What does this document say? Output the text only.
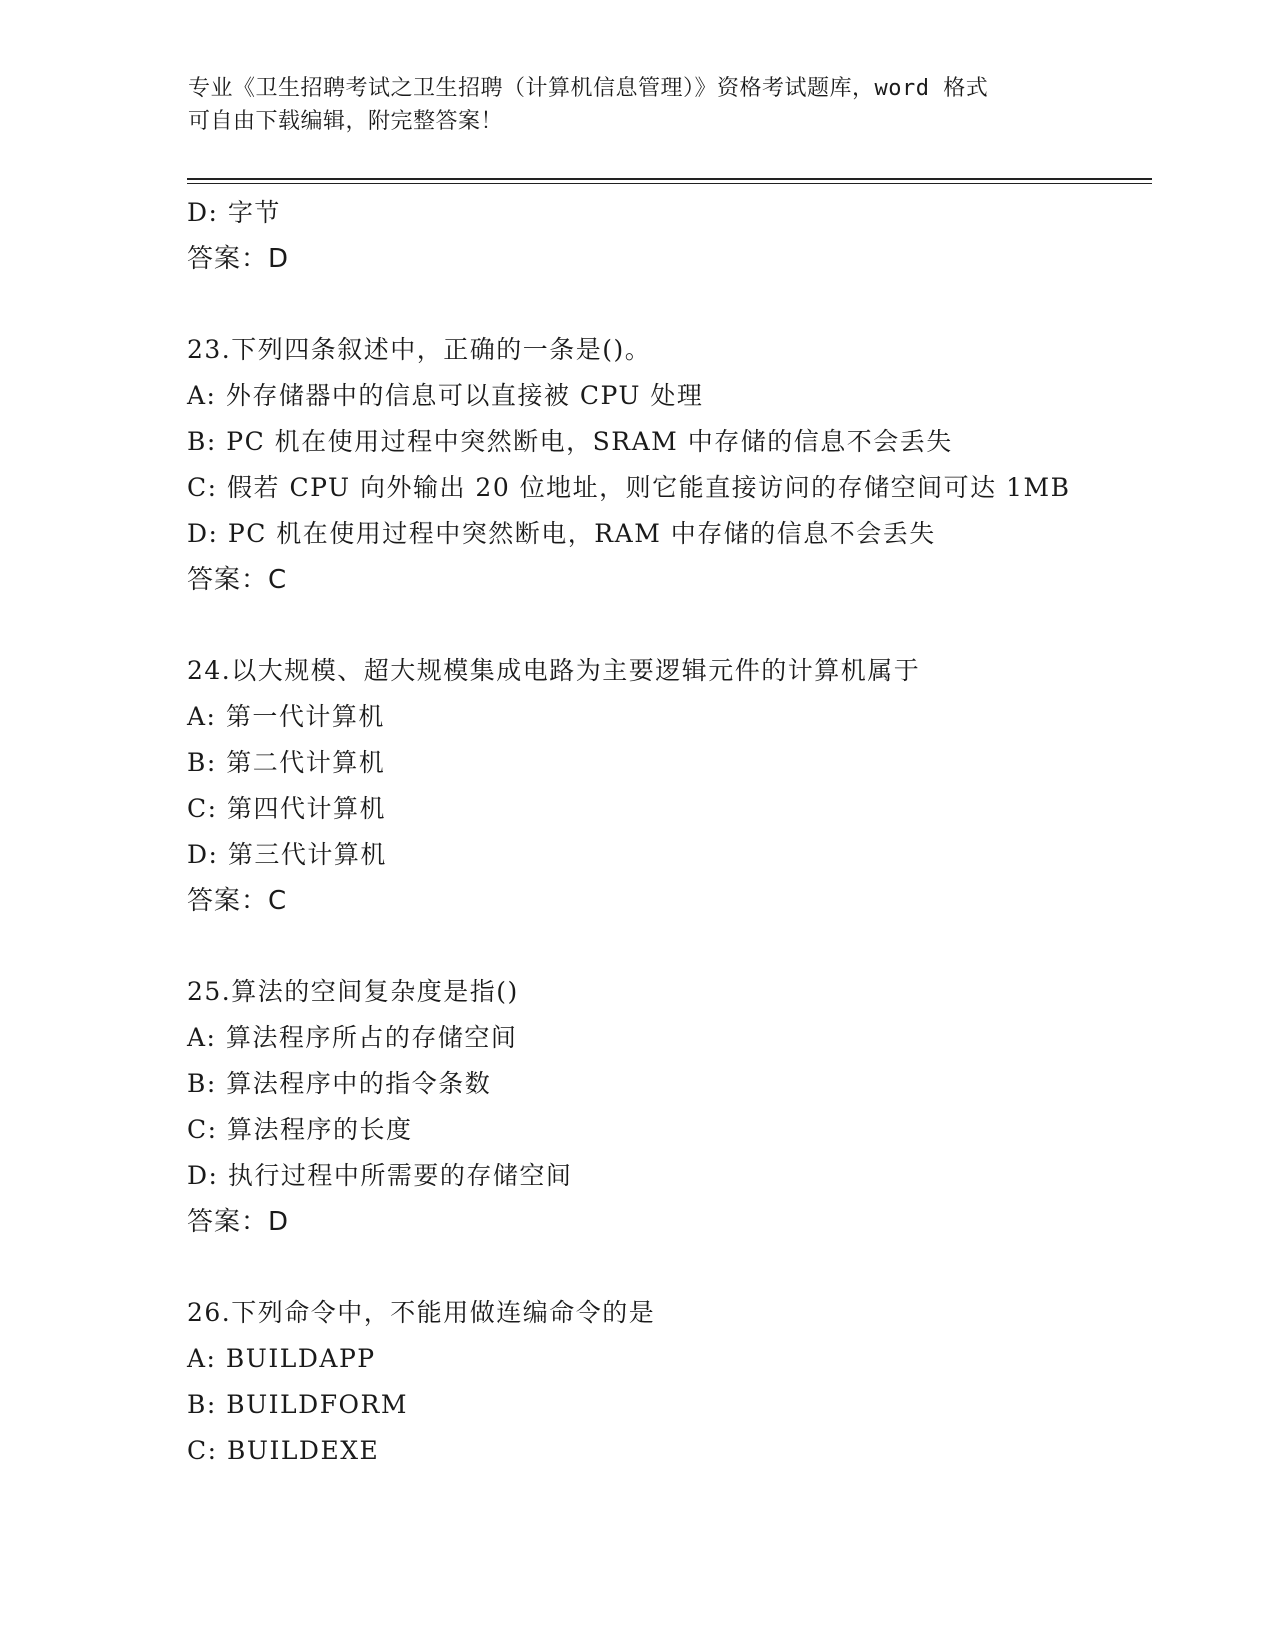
专业《卫生招聘考试之卫生招聘（计算机信息管理）》资格考试题库，word 格式
可自由下载编辑，附完整答案！
D: 字节
答案：D
23.下列四条叙述中，正确的一条是()。
A: 外存储器中的信息可以直接被 CPU 处理
B: PC 机在使用过程中突然断电，SRAM 中存储的信息不会丢失
C: 假若 CPU 向外输出 20 位地址，则它能直接访问的存储空间可达 1MB
D: PC 机在使用过程中突然断电，RAM 中存储的信息不会丢失
答案：C
24.以大规模、超大规模集成电路为主要逻辑元件的计算机属于
A: 第一代计算机
B: 第二代计算机
C: 第四代计算机
D: 第三代计算机
答案：C
25.算法的空间复杂度是指()
A: 算法程序所占的存储空间
B: 算法程序中的指令条数
C: 算法程序的长度
D: 执行过程中所需要的存储空间
答案：D
26.下列命令中，不能用做连编命令的是
A: BUILDAPP
B: BUILDFORM
C: BUILDEXE
